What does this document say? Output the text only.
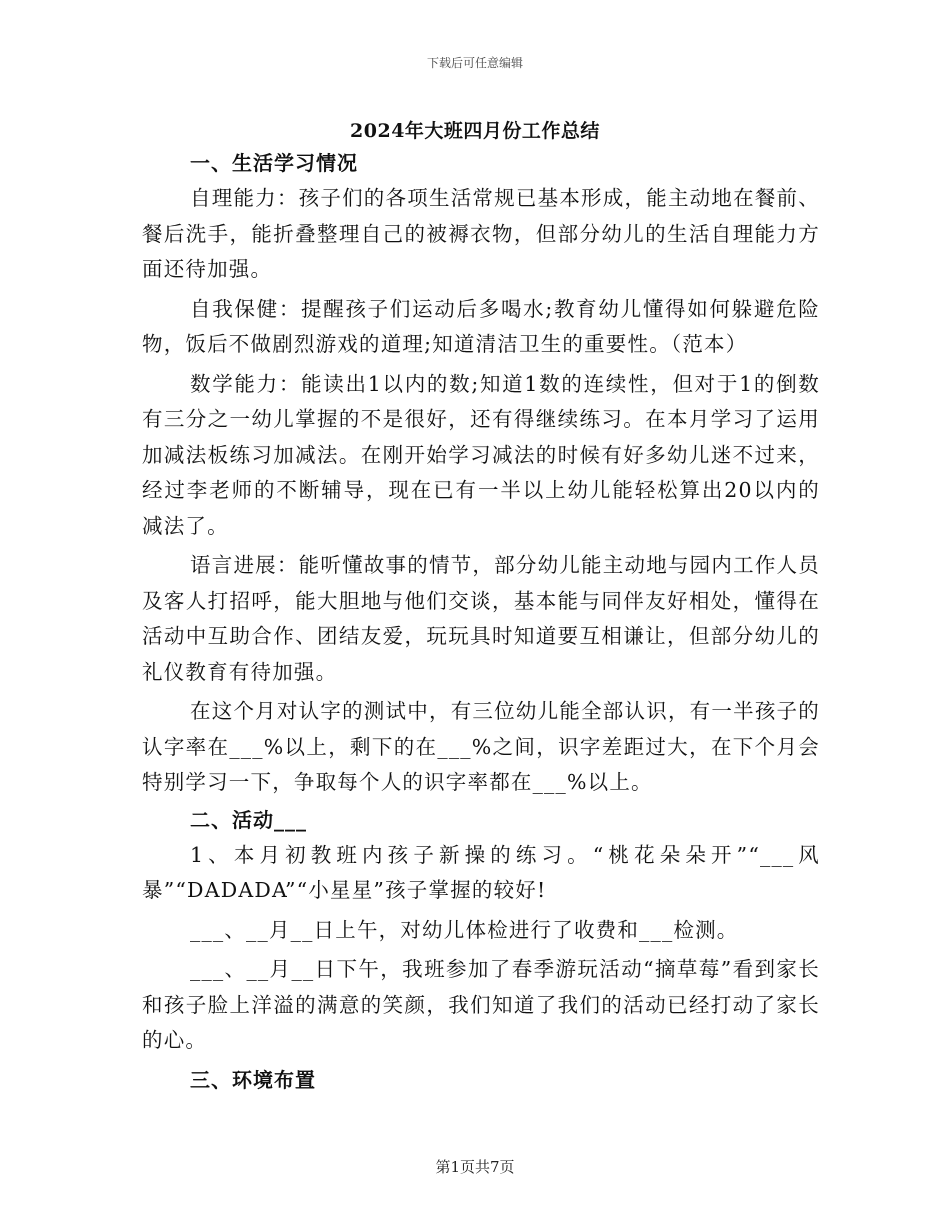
下载后可任意编辑
2024年大班四月份工作总结
一、生活学习情况

自理能力：孩子们的各项生活常规已基本形成，能主动地在餐前、餐后洗手，能折叠整理自己的被褥衣物，但部分幼儿的生活自理能力方面还待加强。

自我保健：提醒孩子们运动后多喝水;教育幼儿懂得如何躲避危险物，饭后不做剧烈游戏的道理;知道清洁卫生的重要性。（范本）

数学能力：能读出1以内的数;知道1数的连续性，但对于1的倒数有三分之一幼儿掌握的不是很好，还有得继续练习。在本月学习了运用加减法板练习加减法。在刚开始学习减法的时候有好多幼儿迷不过来，经过李老师的不断辅导，现在已有一半以上幼儿能轻松算出20以内的减法了。

语言进展：能听懂故事的情节，部分幼儿能主动地与园内工作人员及客人打招呼，能大胆地与他们交谈，基本能与同伴友好相处，懂得在活动中互助合作、团结友爱，玩玩具时知道要互相谦让，但部分幼儿的礼仪教育有待加强。

在这个月对认字的测试中，有三位幼儿能全部认识，有一半孩子的认字率在___%以上，剩下的在___%之间，识字差距过大，在下个月会特别学习一下，争取每个人的识字率都在___%以上。

二、活动___

1、本月初教班内孩子新操的练习。“桃花朵朵开”“___风暴”“DADADA”“小星星”孩子掌握的较好!

___、__月__日上午，对幼儿体检进行了收费和___检测。

___、__月__日下午，我班参加了春季游玩活动“摘草莓”看到家长和孩子脸上洋溢的满意的笑颜，我们知道了我们的活动已经打动了家长的心。

三、环境布置
第1页共7页
